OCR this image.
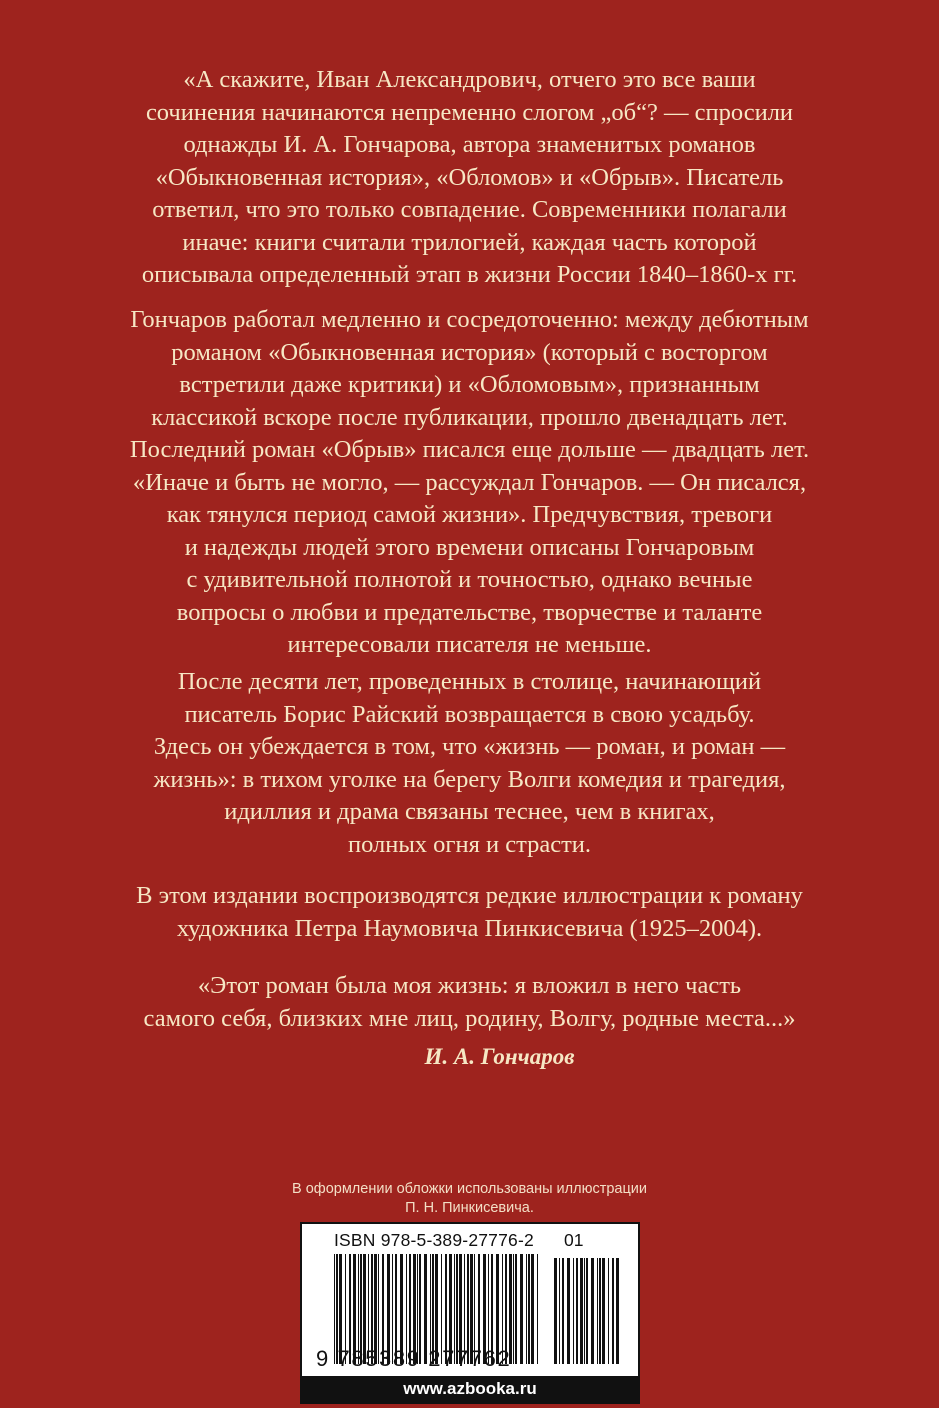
«А скажите, Иван Александрович, отчего это все ваши
сочинения начинаются непременно слогом „об“? — спросили
однажды И. А. Гончарова, автора знаменитых романов
«Обыкновенная история», «Обломов» и «Обрыв». Писатель
ответил, что это только совпадение. Современники полагали
иначе: книги считали трилогией, каждая часть которой
описывала определенный этап в жизни России 1840–1860-х гг.

Гончаров работал медленно и сосредоточенно: между дебютным
романом «Обыкновенная история» (который с восторгом
встретили даже критики) и «Обломовым», признанным
классикой вскоре после публикации, прошло двенадцать лет.
Последний роман «Обрыв» писался еще дольше — двадцать лет.
«Иначе и быть не могло, — рассуждал Гончаров. — Он писался,
как тянулся период самой жизни». Предчувствия, тревоги
и надежды людей этого времени описаны Гончаровым
с удивительной полнотой и точностью, однако вечные
вопросы о любви и предательстве, творчестве и таланте
интересовали писателя не меньше.

После десяти лет, проведенных в столице, начинающий
писатель Борис Райский возвращается в свою усадьбу.
Здесь он убеждается в том, что «жизнь — роман, и роман —
жизнь»: в тихом уголке на берегу Волги комедия и трагедия,
идиллия и драма связаны теснее, чем в книгах,
полных огня и страсти.

В этом издании воспроизводятся редкие иллюстрации к роману
художника Петра Наумовича Пинкисевича (1925–2004).

«Этот роман была моя жизнь: я вложил в него часть
самого себя, близких мне лиц, родину, Волгу, родные места...»

И. А. Гончаров
В оформлении обложки использованы иллюстрации
П. Н. Пинкисевича.
ISBN 978-5-389-27776-2 01
9 785389 277762
www.azbooka.ru
